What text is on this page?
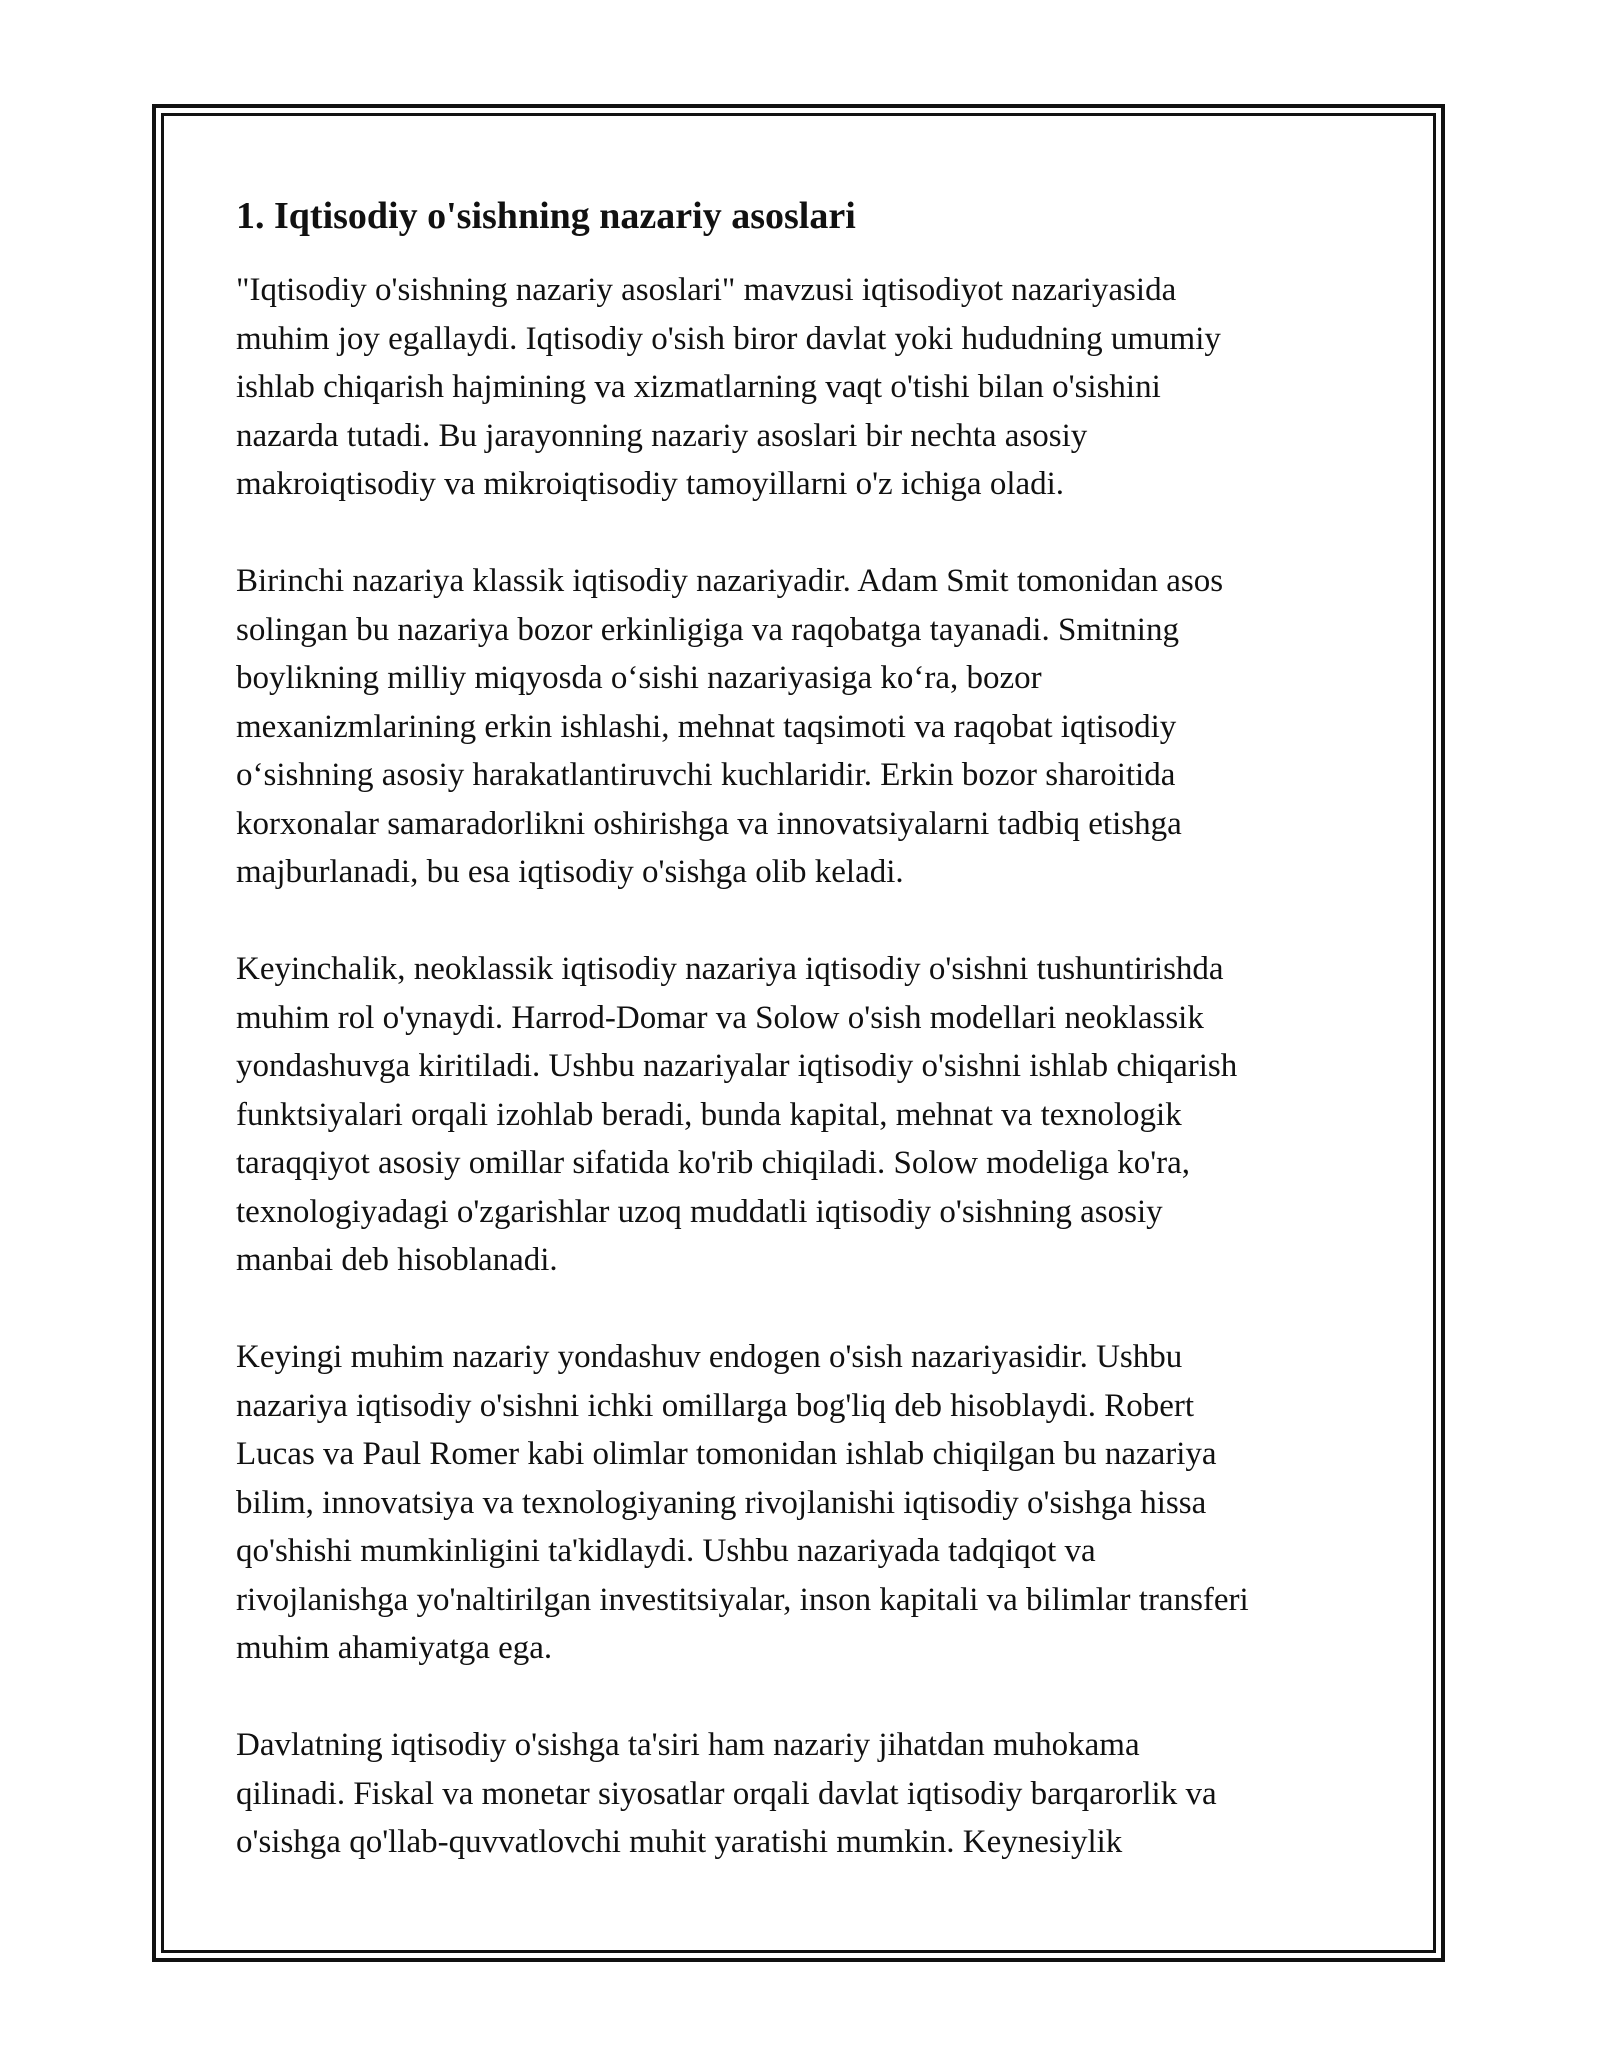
1. Iqtisodiy o'sishning nazariy asoslari

"Iqtisodiy o'sishning nazariy asoslari" mavzusi iqtisodiyot nazariyasida
muhim joy egallaydi. Iqtisodiy o'sish biror davlat yoki hududning umumiy
ishlab chiqarish hajmining va xizmatlarning vaqt o'tishi bilan o'sishini
nazarda tutadi. Bu jarayonning nazariy asoslari bir nechta asosiy
makroiqtisodiy va mikroiqtisodiy tamoyillarni o'z ichiga oladi.

Birinchi nazariya klassik iqtisodiy nazariyadir. Adam Smit tomonidan asos
solingan bu nazariya bozor erkinligiga va raqobatga tayanadi. Smitning
boylikning milliy miqyosda oʻsishi nazariyasiga koʻra, bozor
mexanizmlarining erkin ishlashi, mehnat taqsimoti va raqobat iqtisodiy
oʻsishning asosiy harakatlantiruvchi kuchlaridir. Erkin bozor sharoitida
korxonalar samaradorlikni oshirishga va innovatsiyalarni tadbiq etishga
majburlanadi, bu esa iqtisodiy o'sishga olib keladi.

Keyinchalik, neoklassik iqtisodiy nazariya iqtisodiy o'sishni tushuntirishda
muhim rol o'ynaydi. Harrod-Domar va Solow o'sish modellari neoklassik
yondashuvga kiritiladi. Ushbu nazariyalar iqtisodiy o'sishni ishlab chiqarish
funktsiyalari orqali izohlab beradi, bunda kapital, mehnat va texnologik
taraqqiyot asosiy omillar sifatida ko'rib chiqiladi. Solow modeliga ko'ra,
texnologiyadagi o'zgarishlar uzoq muddatli iqtisodiy o'sishning asosiy
manbai deb hisoblanadi.

Keyingi muhim nazariy yondashuv endogen o'sish nazariyasidir. Ushbu
nazariya iqtisodiy o'sishni ichki omillarga bog'liq deb hisoblaydi. Robert
Lucas va Paul Romer kabi olimlar tomonidan ishlab chiqilgan bu nazariya
bilim, innovatsiya va texnologiyaning rivojlanishi iqtisodiy o'sishga hissa
qo'shishi mumkinligini ta'kidlaydi. Ushbu nazariyada tadqiqot va
rivojlanishga yo'naltirilgan investitsiyalar, inson kapitali va bilimlar transferi
muhim ahamiyatga ega.

Davlatning iqtisodiy o'sishga ta'siri ham nazariy jihatdan muhokama
qilinadi. Fiskal va monetar siyosatlar orqali davlat iqtisodiy barqarorlik va
o'sishga qo'llab-quvvatlovchi muhit yaratishi mumkin. Keynesiylik
